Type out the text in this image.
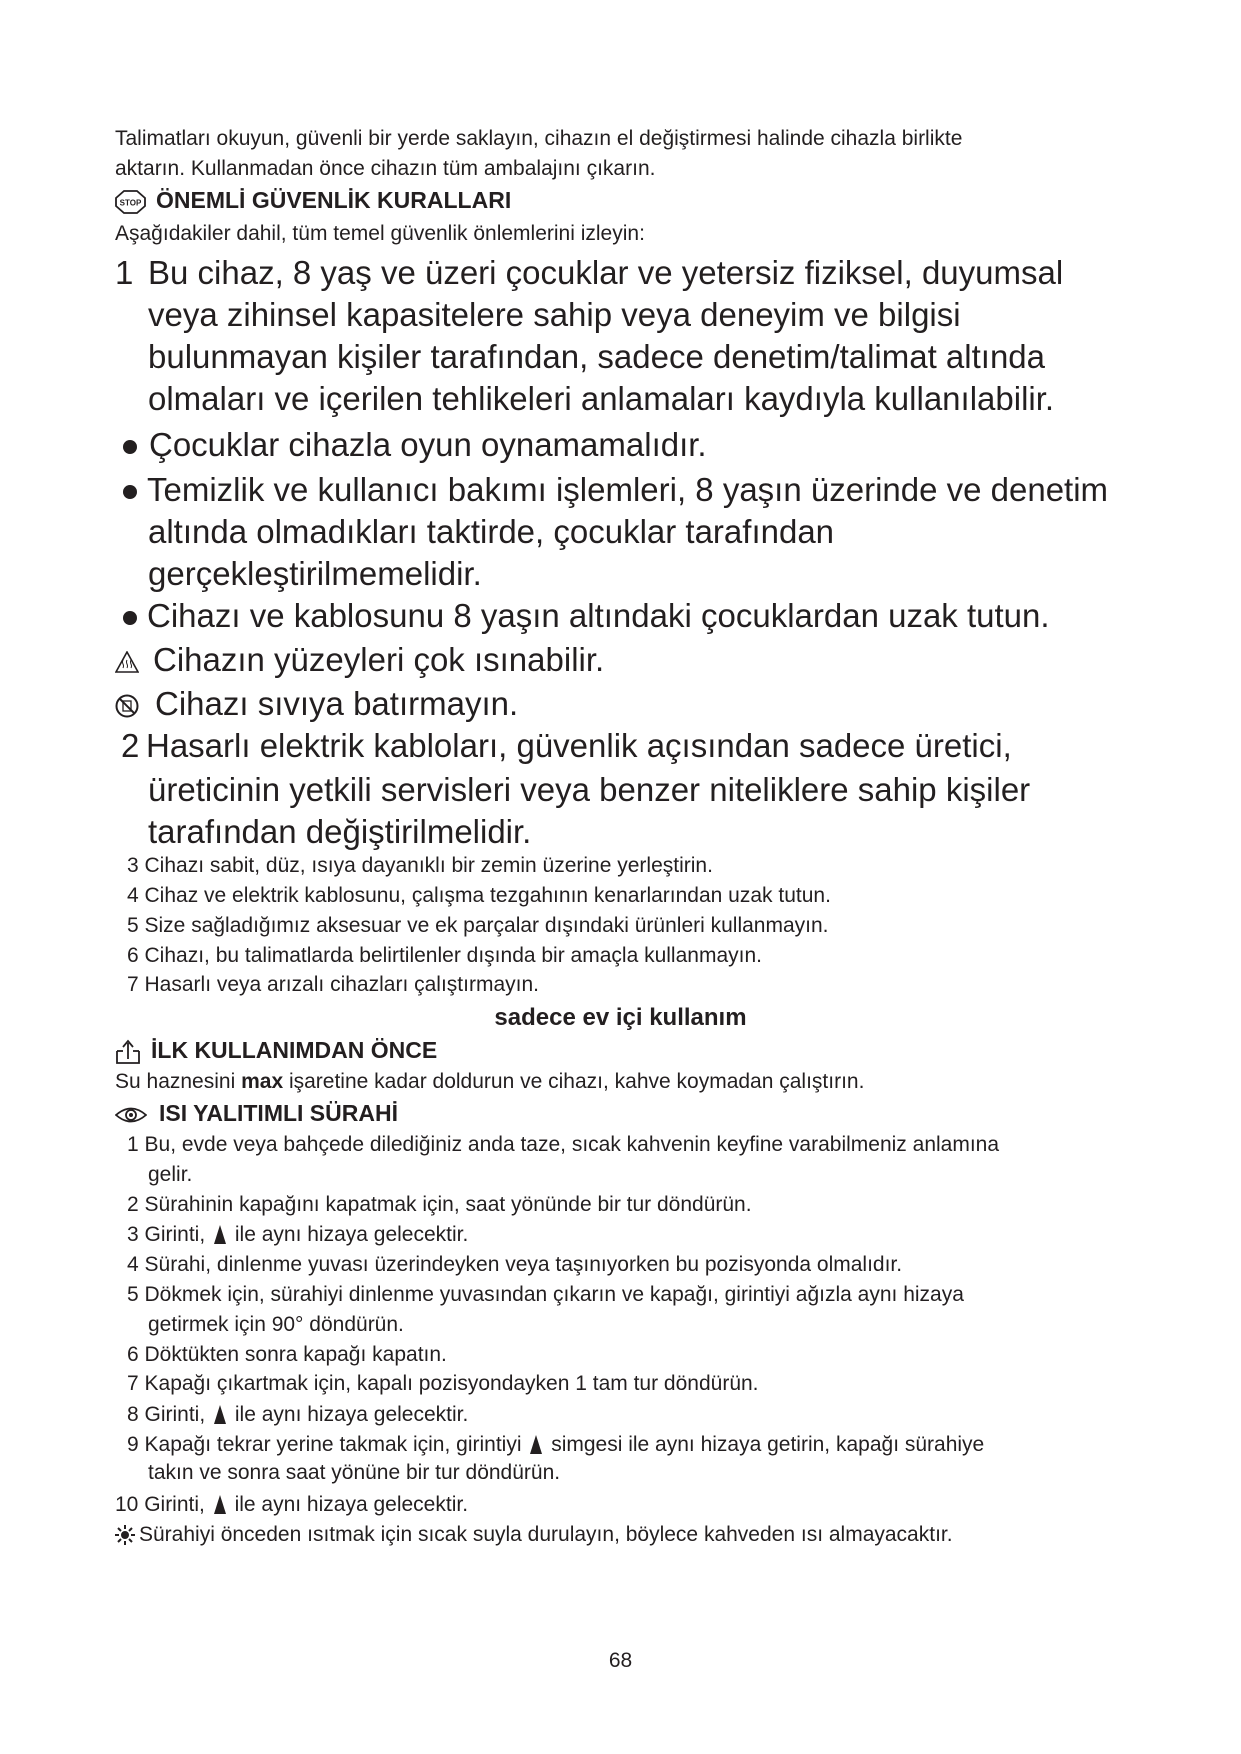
Talimatları okuyun, güvenli bir yerde saklayın, cihazın el değiştirmesi halinde cihazla birlikte
aktarın. Kullanmadan önce cihazın tüm ambalajını çıkarın.
STOP ÖNEMLİ GÜVENLİK KURALLARI
Aşağıdakiler dahil, tüm temel güvenlik önlemlerini izleyin:
1 Bu cihaz, 8 yaş ve üzeri çocuklar ve yetersiz fiziksel, duyumsal
veya zihinsel kapasitelere sahip veya deneyim ve bilgisi
bulunmayan kişiler tarafından, sadece denetim/talimat altında
olmaları ve içerilen tehlikeleri anlamaları kaydıyla kullanılabilir.
Çocuklar cihazla oyun oynamamalıdır.
Temizlik ve kullanıcı bakımı işlemleri, 8 yaşın üzerinde ve denetim
altında olmadıkları taktirde, çocuklar tarafından
gerçekleştirilmemelidir.
Cihazı ve kablosunu 8 yaşın altındaki çocuklardan uzak tutun.
Cihazın yüzeyleri çok ısınabilir.
Cihazı sıvıya batırmayın.
2 Hasarlı elektrik kabloları, güvenlik açısından sadece üretici,
üreticinin yetkili servisleri veya benzer niteliklere sahip kişiler
tarafından değiştirilmelidir.
3 Cihazı sabit, düz, ısıya dayanıklı bir zemin üzerine yerleştirin.
4 Cihaz ve elektrik kablosunu, çalışma tezgahının kenarlarından uzak tutun.
5 Size sağladığımız aksesuar ve ek parçalar dışındaki ürünleri kullanmayın.
6 Cihazı, bu talimatlarda belirtilenler dışında bir amaçla kullanmayın.
7 Hasarlı veya arızalı cihazları çalıştırmayın.
sadece ev içi kullanım
İLK KULLANIMDAN ÖNCE
Su haznesini max işaretine kadar doldurun ve cihazı, kahve koymadan çalıştırın.
ISI YALITIMLI SÜRAHİ
1 Bu, evde veya bahçede dilediğiniz anda taze, sıcak kahvenin keyfine varabilmeniz anlamına
gelir.
2 Sürahinin kapağını kapatmak için, saat yönünde bir tur döndürün.
3 Girinti, ile aynı hizaya gelecektir.
4 Sürahi, dinlenme yuvası üzerindeyken veya taşınıyorken bu pozisyonda olmalıdır.
5 Dökmek için, sürahiyi dinlenme yuvasından çıkarın ve kapağı, girintiyi ağızla aynı hizaya
getirmek için 90° döndürün.
6 Döktükten sonra kapağı kapatın.
7 Kapağı çıkartmak için, kapalı pozisyondayken 1 tam tur döndürün.
8 Girinti, ile aynı hizaya gelecektir.
9 Kapağı tekrar yerine takmak için, girintiyi simgesi ile aynı hizaya getirin, kapağı sürahiye
takın ve sonra saat yönüne bir tur döndürün.
10 Girinti, ile aynı hizaya gelecektir.
Sürahiyi önceden ısıtmak için sıcak suyla durulayın, böylece kahveden ısı almayacaktır.
68
